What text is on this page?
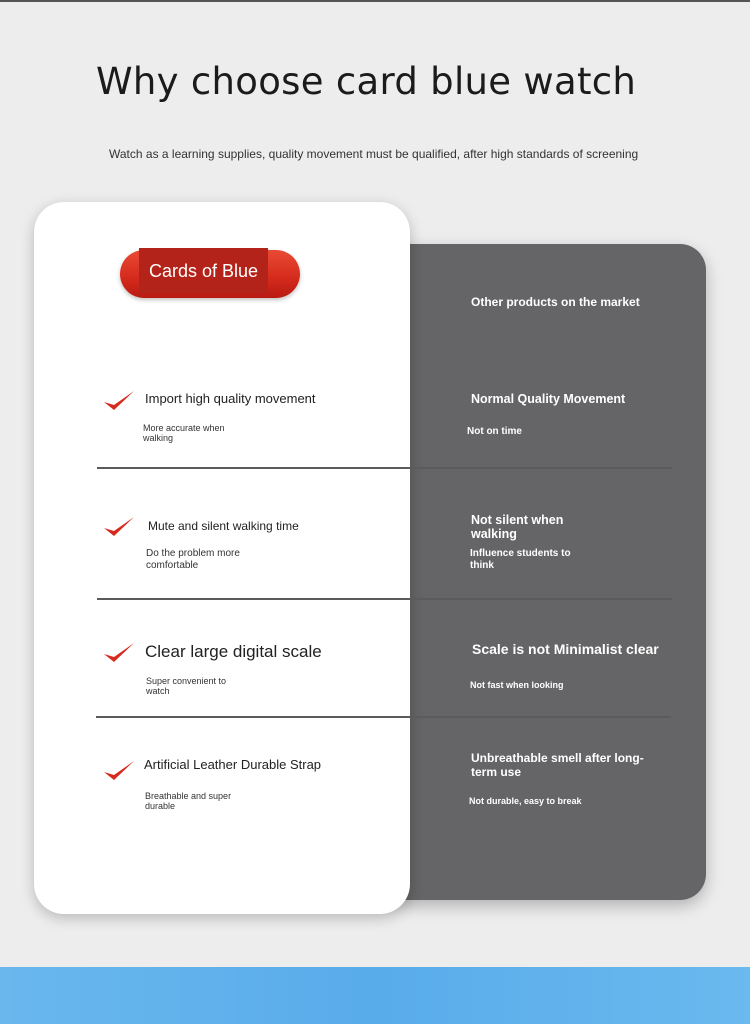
Why choose card blue watch

Watch as a learning supplies, quality movement must be qualified, after high standards of screening

Cards of Blue

Other products on the market

Import high quality movement

More accurate when walking

Normal Quality Movement

Not on time

Mute and silent walking time

Do the problem more comfortable

Not silent when walking

Influence students to think

Clear large digital scale

Super convenient to watch

Scale is not Minimalist clear

Not fast when looking

Artificial Leather Durable Strap

Breathable and super durable

Unbreathable smell after long-term use

Not durable, easy to break
